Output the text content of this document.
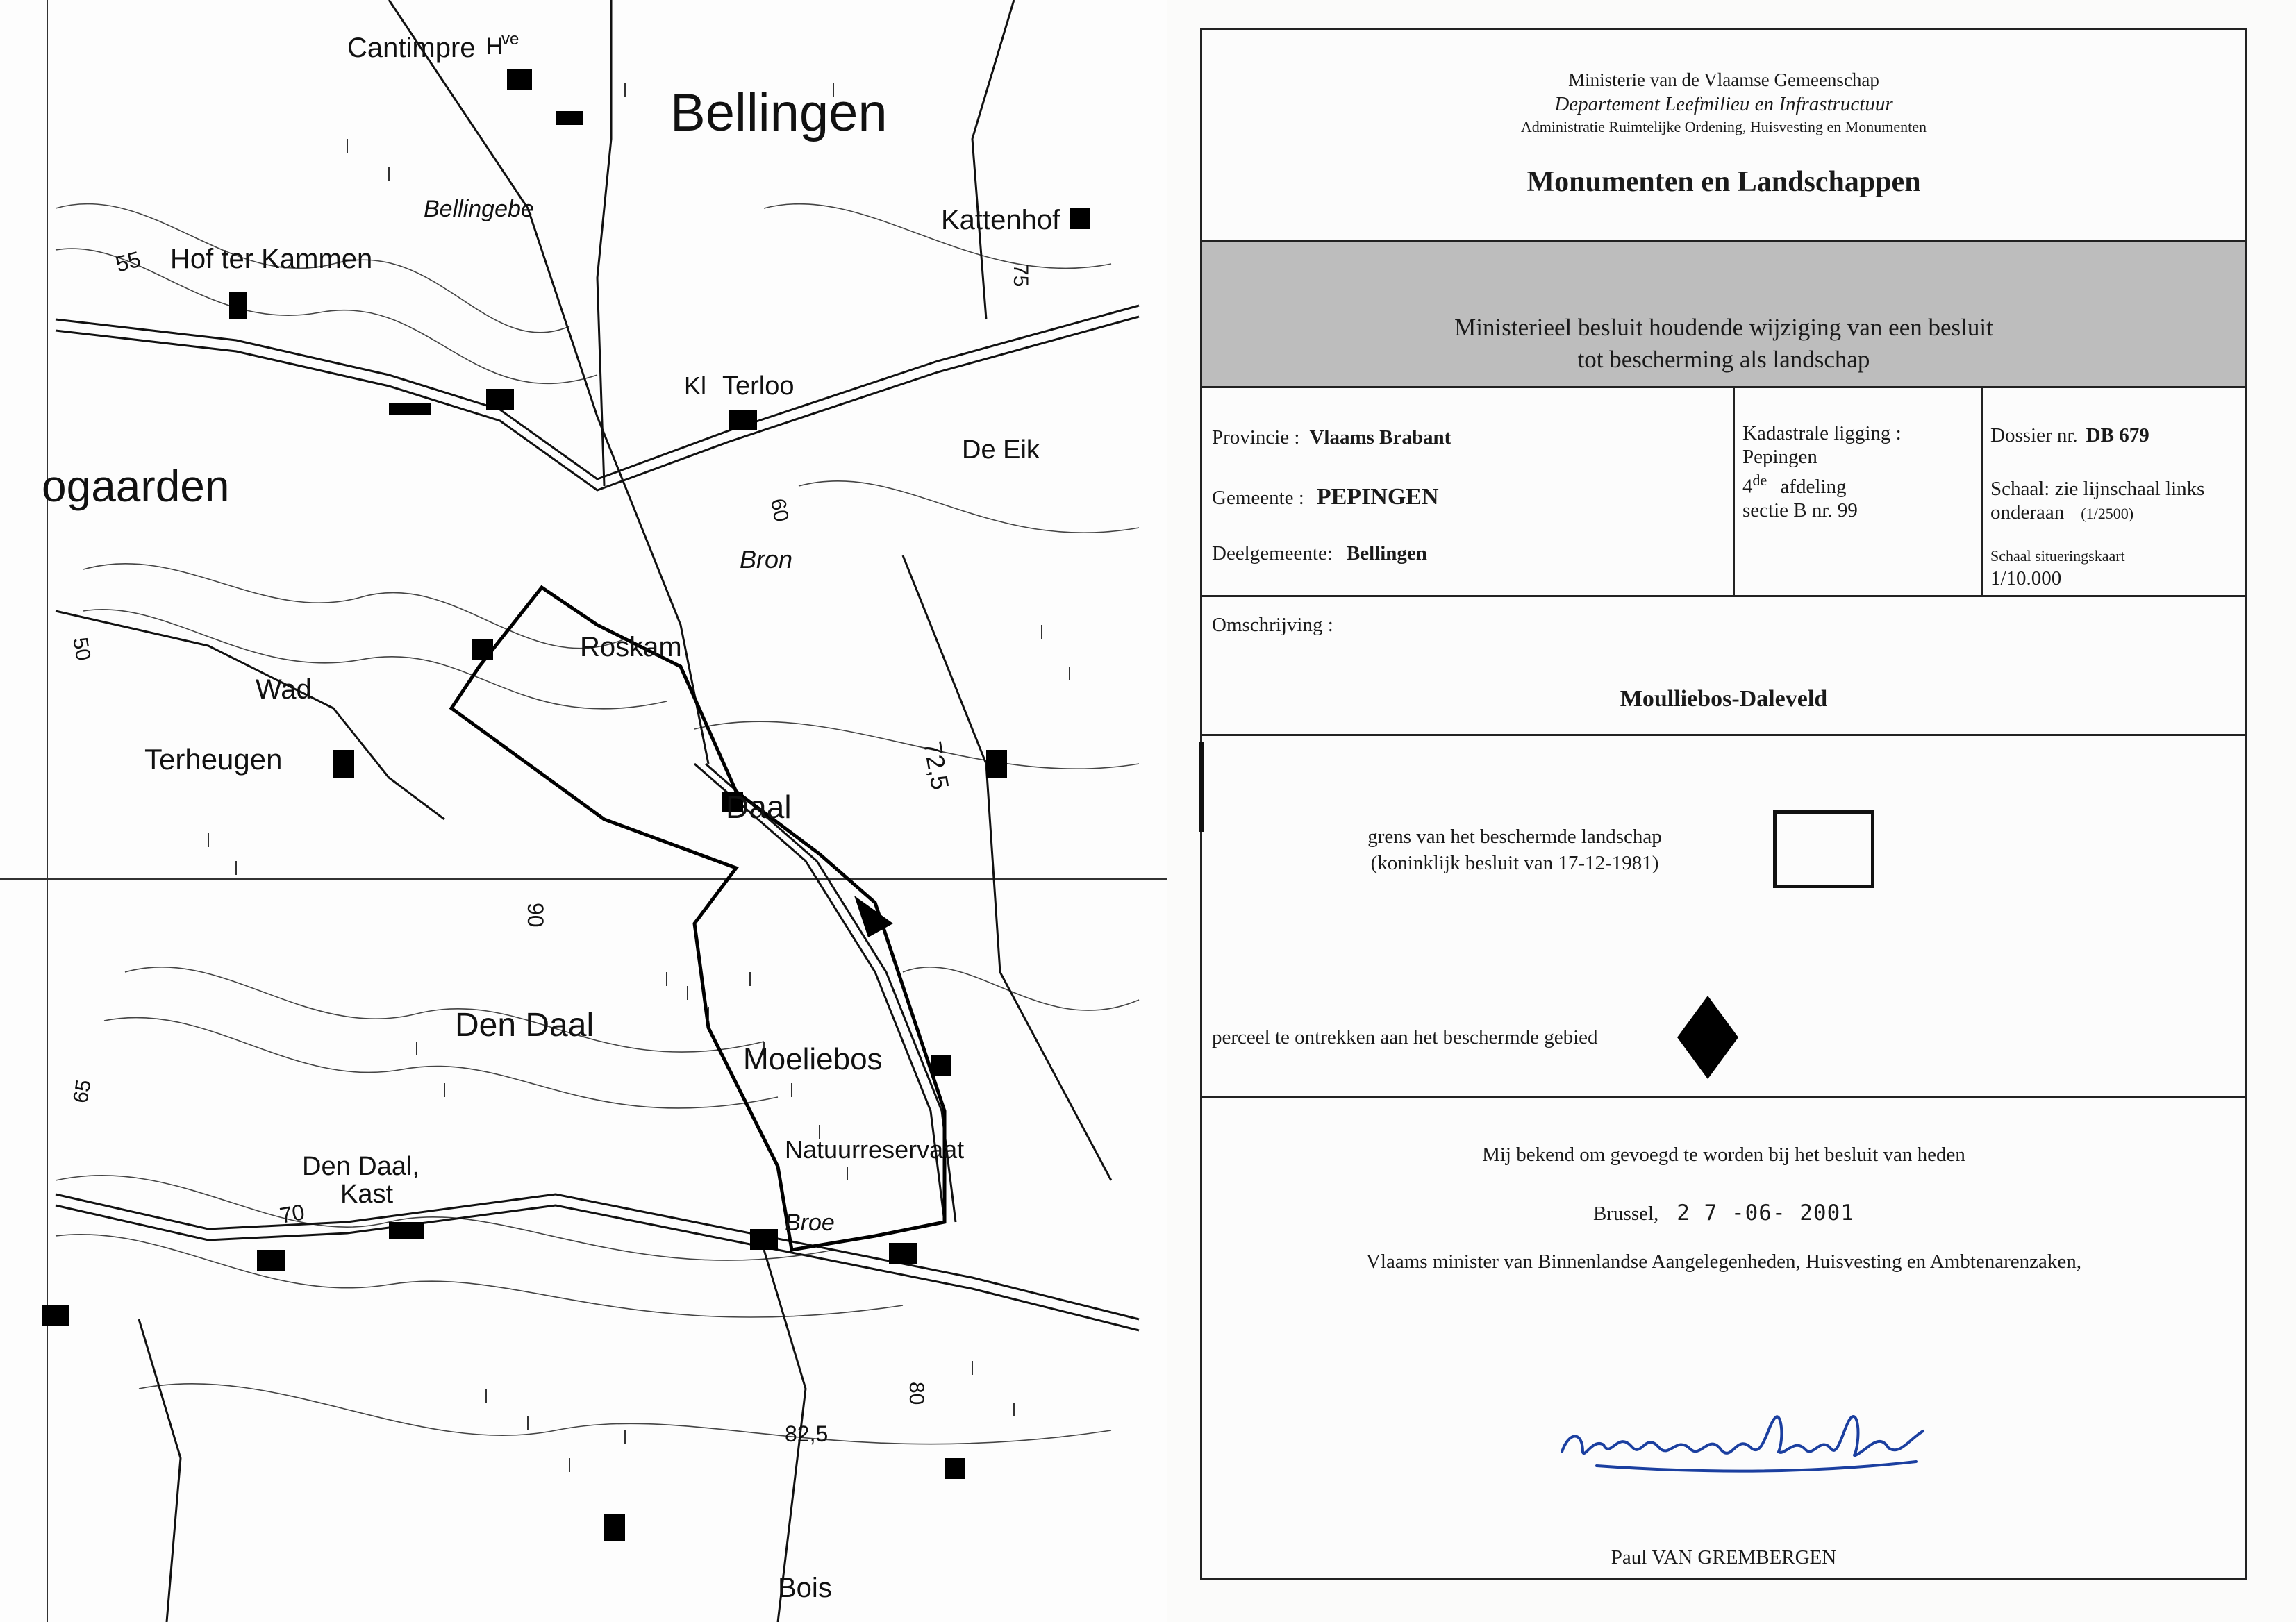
Cantimpre H
ve
Bellingen
Hof ter Kammen
Bellingebe	Kattenhof
Kl Terloo
De Eik
ogaarden
Bron
Roskam
Wad
Terheugen
Daal
Den Daal
Moeliebos
Natuurreservaat
Den Daal,
Kast
Broe
Bois
55
60
75
72,5
90
65
70
80
82,5
50
Ministerie van de Vlaamse Gemeenschap
Departement Leefmilieu en Infrastructuur
Administratie Ruimtelijke Ordening, Huisvesting en Monumenten
Monumenten en Landschappen
Ministerieel besluit houdende wijziging van een besluit
tot bescherming als landschap
Provincie : Vlaams Brabant
Gemeente : PEPINGEN
Deelgemeente: Bellingen
Kadastrale ligging :
Pepingen
4de afdeling
sectie B nr. 99
Dossier nr. DB 679
Schaal: zie lijnschaal links
onderaan (1/2500)
Schaal situeringskaart
1/10.000
Omschrijving :
Moulliebos-Daleveld
grens van het beschermde landschap
(koninklijk besluit van 17-12-1981)
perceel te ontrekken aan het beschermde gebied
Mij bekend om gevoegd te worden bij het besluit van heden
Brussel, 2 7 -06- 2001
Vlaams minister van Binnenlandse Aangelegenheden, Huisvesting en Ambtenarenzaken,
Paul VAN GREMBERGEN
